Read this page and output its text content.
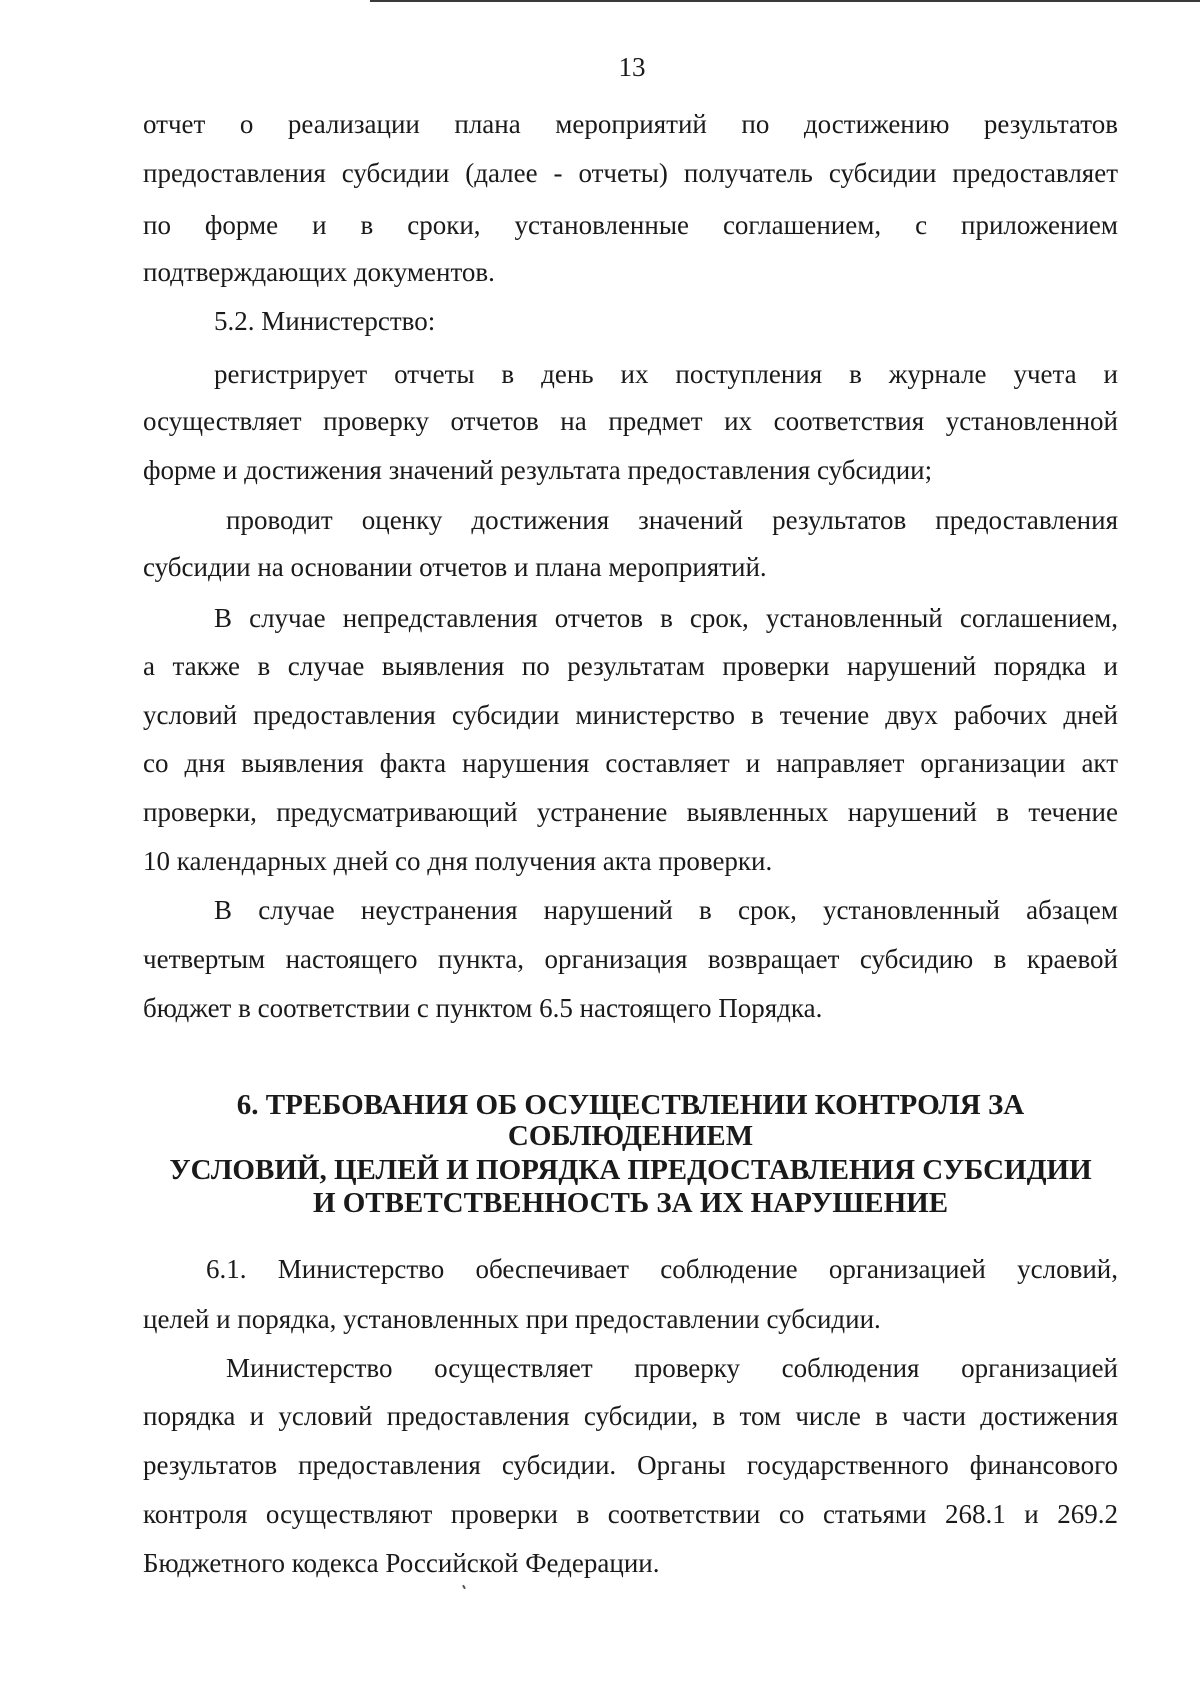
13
отчет о реализации плана мероприятий по достижению результатов
предоставления субсидии (далее - отчеты) получатель субсидии предоставляет
по форме и в сроки, установленные соглашением, с приложением
подтверждающих документов.
5.2. Министерство:
регистрирует отчеты в день их поступления в журнале учета и
осуществляет проверку отчетов на предмет их соответствия установленной
форме и достижения значений результата предоставления субсидии;
проводит оценку достижения значений результатов предоставления
субсидии на основании отчетов и плана мероприятий.
В случае непредставления отчетов в срок, установленный соглашением,
а также в случае выявления по результатам проверки нарушений порядка и
условий предоставления субсидии министерство в течение двух рабочих дней
со дня выявления факта нарушения составляет и направляет организации акт
проверки, предусматривающий устранение выявленных нарушений в течение
10 календарных дней со дня получения акта проверки.
В случае неустранения нарушений в срок, установленный абзацем
четвертым настоящего пункта, организация возвращает субсидию в краевой
бюджет в соответствии с пунктом 6.5 настоящего Порядка.
6. ТРЕБОВАНИЯ ОБ ОСУЩЕСТВЛЕНИИ КОНТРОЛЯ ЗА
СОБЛЮДЕНИЕМ
УСЛОВИЙ, ЦЕЛЕЙ И ПОРЯДКА ПРЕДОСТАВЛЕНИЯ СУБСИДИИ
И ОТВЕТСТВЕННОСТЬ ЗА ИХ НАРУШЕНИЕ
6.1. Министерство обеспечивает соблюдение организацией условий,
целей и порядка, установленных при предоставлении субсидии.
Министерство осуществляет проверку соблюдения организацией
порядка и условий предоставления субсидии, в том числе в части достижения
результатов предоставления субсидии. Органы государственного финансового
контроля осуществляют проверки в соответствии со статьями 268.1 и 269.2
Бюджетного кодекса Российской Федерации.
